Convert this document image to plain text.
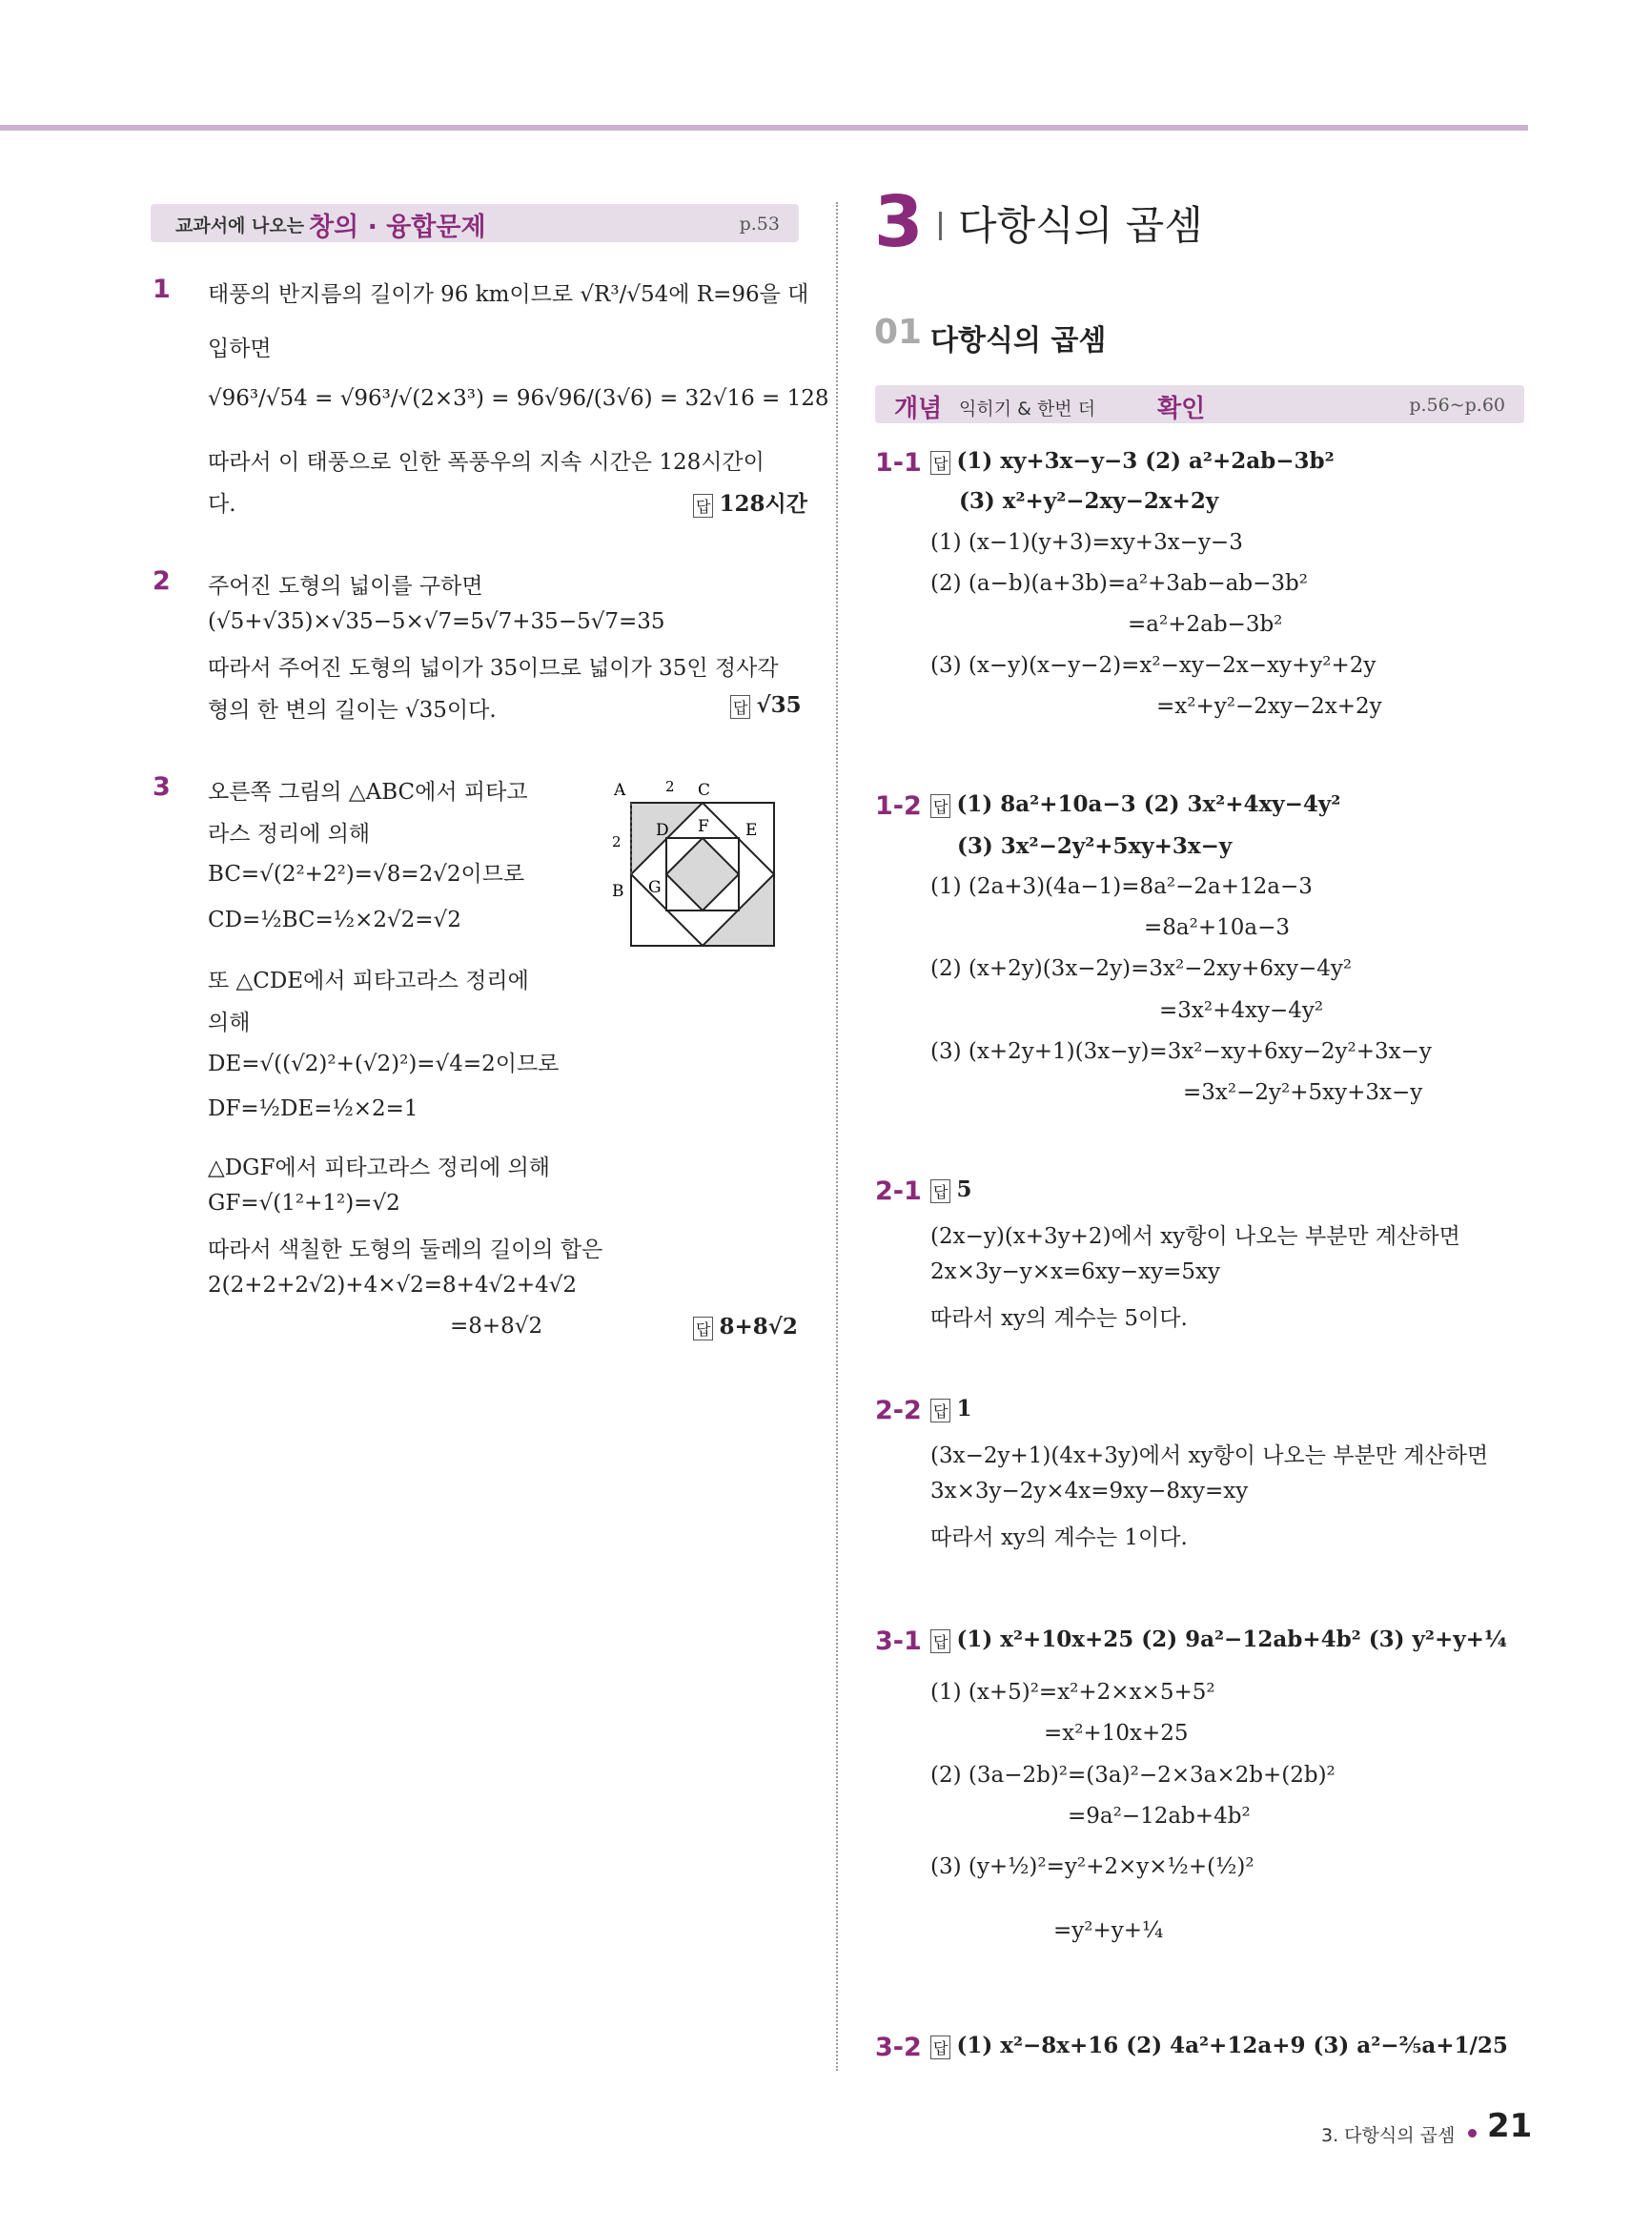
교과서에 나오는 창의 · 융합문제	p.53
1 태풍의 반지름의 길이가 96 km이므로 √R³/√54에 R=96을 대
입하면
√96³/√54 = √96³/√(2×3³) = 96√96/(3√6) = 32√16 = 128
따라서 이 태풍으로 인한 폭풍우의 지속 시간은 128시간이
다.	답 128시간
2 주어진 도형의 넓이를 구하면
(√5+√35)×√35−5×√7=5√7+35−5√7=35
따라서 주어진 도형의 넓이가 35이므로 넓이가 35인 정사각
형의 한 변의 길이는 √35이다.	답 √35
3 오른쪽 그림의 △ABC에서 피타고
라스 정리에 의해
BC=√(2²+2²)=√8=2√2이므로
CD=½BC=½×2√2=√2
또 △CDE에서 피타고라스 정리에
의해
DE=√((√2)²+(√2)²)=√4=2이므로
DF=½DE=½×2=1
△DGF에서 피타고라스 정리에 의해
GF=√(1²+1²)=√2
따라서 색칠한 도형의 둘레의 길이의 합은
2(2+2+2√2)+4×√2=8+4√2+4√2
=8+8√2	답 8+8√2
A	2 C
D F E
2
B G
3 다항식의 곱셈
01 다항식의 곱셈
개념 익히기 & 한번 더 확인	p.56~p.60
1-1 답 (1) xy+3x−y−3 (2) a²+2ab−3b²
(3) x²+y²−2xy−2x+2y
(1) (x−1)(y+3)=xy+3x−y−3
(2) (a−b)(a+3b)=a²+3ab−ab−3b²
=a²+2ab−3b²
(3) (x−y)(x−y−2)=x²−xy−2x−xy+y²+2y
=x²+y²−2xy−2x+2y
1-2 답 (1) 8a²+10a−3 (2) 3x²+4xy−4y²
(3) 3x²−2y²+5xy+3x−y
(1) (2a+3)(4a−1)=8a²−2a+12a−3
=8a²+10a−3
(2) (x+2y)(3x−2y)=3x²−2xy+6xy−4y²
=3x²+4xy−4y²
(3) (x+2y+1)(3x−y)=3x²−xy+6xy−2y²+3x−y
=3x²−2y²+5xy+3x−y
2-1 답 5
(2x−y)(x+3y+2)에서 xy항이 나오는 부분만 계산하면
2x×3y−y×x=6xy−xy=5xy
따라서 xy의 계수는 5이다.
2-2 답 1
(3x−2y+1)(4x+3y)에서 xy항이 나오는 부분만 계산하면
3x×3y−2y×4x=9xy−8xy=xy
따라서 xy의 계수는 1이다.
3-1 답 (1) x²+10x+25 (2) 9a²−12ab+4b² (3) y²+y+¼
(1) (x+5)²=x²+2×x×5+5²
=x²+10x+25
(2) (3a−2b)²=(3a)²−2×3a×2b+(2b)²
=9a²−12ab+4b²
(3) (y+½)²=y²+2×y×½+(½)²
=y²+y+¼
3-2 답 (1) x²−8x+16 (2) 4a²+12a+9 (3) a²−⅖a+1/25
3. 다항식의 곱셈 21
